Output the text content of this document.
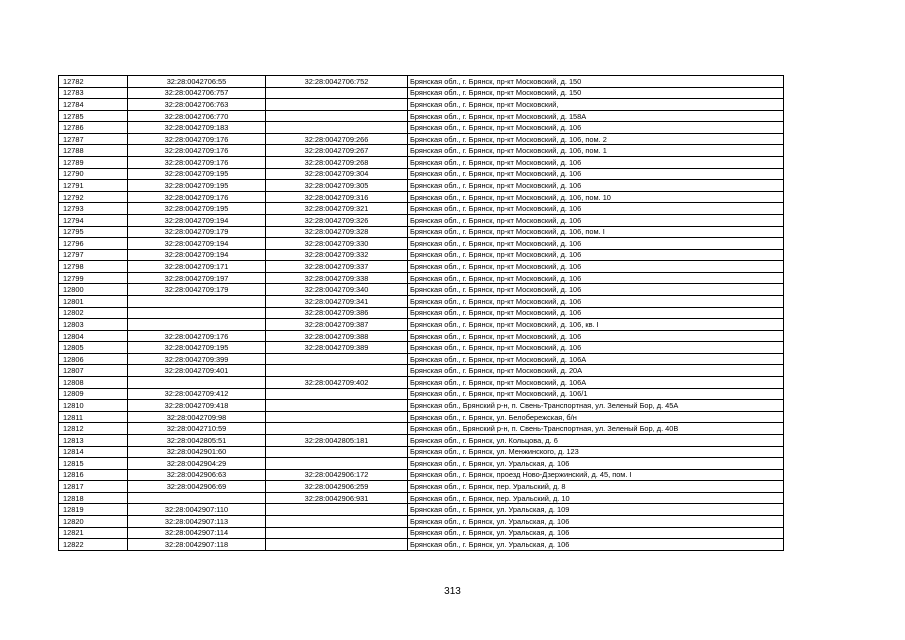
12782	32:28:0042706:55	32:28:0042706:752	Брянская обл., г. Брянск, пр-кт Московский, д. 150
12783	32:28:0042706:757		Брянская обл., г. Брянск, пр-кт Московский, д. 150
12784	32:28:0042706:763		Брянская обл., г. Брянск, пр-кт Московский,
12785	32:28:0042706:770		Брянская обл., г. Брянск, пр-кт Московский, д. 158А
12786	32:28:0042709:183		Брянская обл., г. Брянск, пр-кт Московский, д. 106
12787	32:28:0042709:176	32:28:0042709:266	Брянская обл., г. Брянск, пр-кт Московский, д. 106, пом. 2
12788	32:28:0042709:176	32:28:0042709:267	Брянская обл., г. Брянск, пр-кт Московский, д. 106, пом. 1
12789	32:28:0042709:176	32:28:0042709:268	Брянская обл., г. Брянск, пр-кт Московский, д. 106
12790	32:28:0042709:195	32:28:0042709:304	Брянская обл., г. Брянск, пр-кт Московский, д. 106
12791	32:28:0042709:195	32:28:0042709:305	Брянская обл., г. Брянск, пр-кт Московский, д. 106
12792	32:28:0042709:176	32:28:0042709:316	Брянская обл., г. Брянск, пр-кт Московский, д. 106, пом. 10
12793	32:28:0042709:195	32:28:0042709:321	Брянская обл., г. Брянск, пр-кт Московский, д. 106
12794	32:28:0042709:194	32:28:0042709:326	Брянская обл., г. Брянск, пр-кт Московский, д. 106
12795	32:28:0042709:179	32:28:0042709:328	Брянская обл., г. Брянск, пр-кт Московский, д. 106, пом. I
12796	32:28:0042709:194	32:28:0042709:330	Брянская обл., г. Брянск, пр-кт Московский, д. 106
12797	32:28:0042709:194	32:28:0042709:332	Брянская обл., г. Брянск, пр-кт Московский, д. 106
12798	32:28:0042709:171	32:28:0042709:337	Брянская обл., г. Брянск, пр-кт Московский, д. 106
12799	32:28:0042709:197	32:28:0042709:338	Брянская обл., г. Брянск, пр-кт Московский, д. 106
12800	32:28:0042709:179	32:28:0042709:340	Брянская обл., г. Брянск, пр-кт Московский, д. 106
12801		32:28:0042709:341	Брянская обл., г. Брянск, пр-кт Московский, д. 106
12802		32:28:0042709:386	Брянская обл., г. Брянск, пр-кт Московский, д. 106
12803		32:28:0042709:387	Брянская обл., г. Брянск, пр-кт Московский, д. 106, кв. I
12804	32:28:0042709:176	32:28:0042709:388	Брянская обл., г. Брянск, пр-кт Московский, д. 106
12805	32:28:0042709:195	32:28:0042709:389	Брянская обл., г. Брянск, пр-кт Московский, д. 106
12806	32:28:0042709:399		Брянская обл., г. Брянск, пр-кт Московский, д. 106А
12807	32:28:0042709:401		Брянская обл., г. Брянск, пр-кт Московский, д. 20А
12808		32:28:0042709:402	Брянская обл., г. Брянск, пр-кт Московский, д. 106А
12809	32:28:0042709:412		Брянская обл., г. Брянск, пр-кт Московский, д. 106/1
12810	32:28:0042709:418		Брянская обл., Брянский р-н, п. Свень-Транспортная, ул. Зеленый Бор, д. 45А
12811	32:28:0042709:98		Брянская обл., г. Брянск, ул. Белобережская, б/н
12812	32:28:0042710:59		Брянская обл., Брянский р-н, п. Свень-Транспортная, ул. Зеленый Бор, д. 40В
12813	32:28:0042805:51	32:28:0042805:181	Брянская обл., г. Брянск, ул. Кольцова, д. 6
12814	32:28:0042901:60		Брянская обл., г. Брянск, ул. Менжинского, д. 123
12815	32:28:0042904:29		Брянская обл., г. Брянск, ул. Уральская, д. 106
12816	32:28:0042906:63	32:28:0042906:172	Брянская обл., г. Брянск, проезд Ново-Дзержинский, д. 45, пом. I
12817	32:28:0042906:69	32:28:0042906:259	Брянская обл., г. Брянск, пер. Уральский, д. 8
12818		32:28:0042906:931	Брянская обл., г. Брянск, пер. Уральский, д. 10
12819	32:28:0042907:110		Брянская обл., г. Брянск, ул. Уральская, д. 109
12820	32:28:0042907:113		Брянская обл., г. Брянск, ул. Уральская, д. 106
12821	32:28:0042907:114		Брянская обл., г. Брянск, ул. Уральская, д. 106
12822	32:28:0042907:118		Брянская обл., г. Брянск, ул. Уральская, д. 106
313
